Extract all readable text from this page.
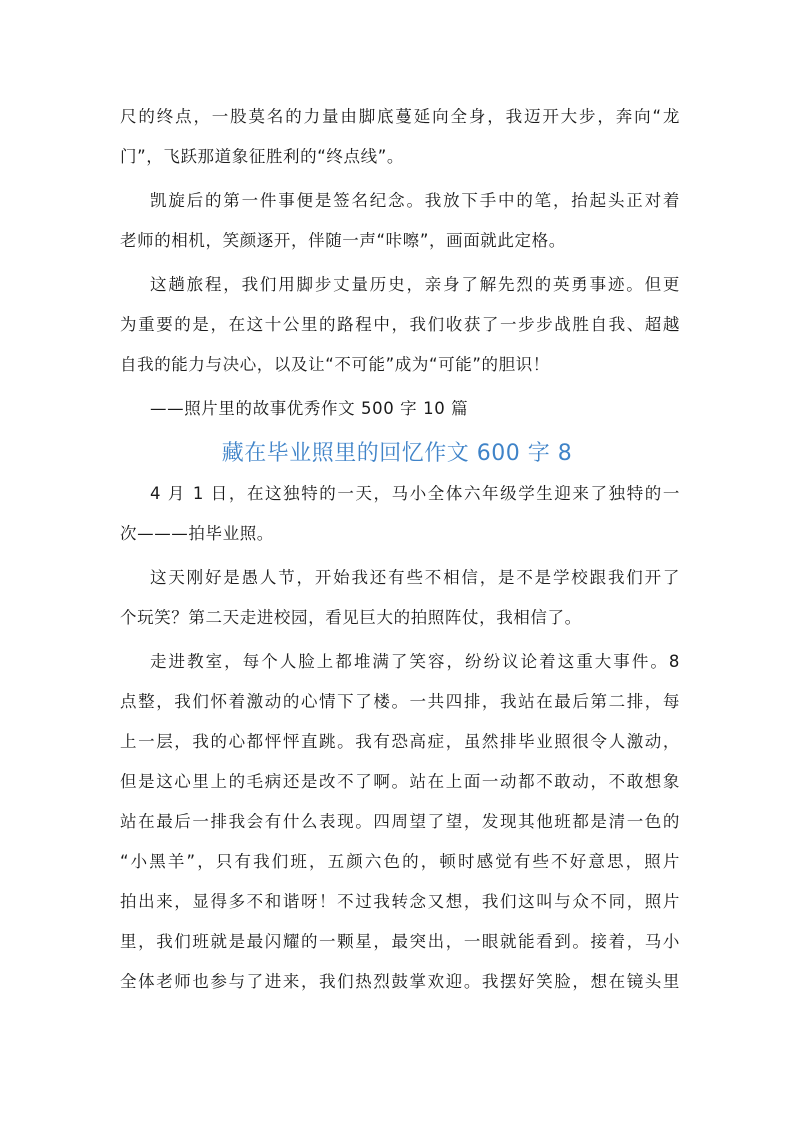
尺的终点，一股莫名的力量由脚底蔓延向全身，我迈开大步，奔向“龙
门”，飞跃那道象征胜利的“终点线”。
凯旋后的第一件事便是签名纪念。我放下手中的笔，抬起头正对着
老师的相机，笑颜逐开，伴随一声“咔嚓”，画面就此定格。
这趟旅程，我们用脚步丈量历史，亲身了解先烈的英勇事迹。但更
为重要的是，在这十公里的路程中，我们收获了一步步战胜自我、超越
自我的能力与决心，以及让“不可能”成为“可能”的胆识！
——照片里的故事优秀作文 500 字 10 篇
藏在毕业照里的回忆作文 600 字 8
4 月 1 日，在这独特的一天，马小全体六年级学生迎来了独特的一
次———拍毕业照。
这天刚好是愚人节，开始我还有些不相信，是不是学校跟我们开了
个玩笑？第二天走进校园，看见巨大的拍照阵仗，我相信了。
走进教室，每个人脸上都堆满了笑容，纷纷议论着这重大事件。8
点整，我们怀着激动的心情下了楼。一共四排，我站在最后第二排，每
上一层，我的心都怦怦直跳。我有恐高症，虽然排毕业照很令人激动，
但是这心里上的毛病还是改不了啊。站在上面一动都不敢动，不敢想象
站在最后一排我会有什么表现。四周望了望，发现其他班都是清一色的
“小黑羊”，只有我们班，五颜六色的，顿时感觉有些不好意思，照片
拍出来，显得多不和谐呀！不过我转念又想，我们这叫与众不同，照片
里，我们班就是最闪耀的一颗星，最突出，一眼就能看到。接着，马小
全体老师也参与了进来，我们热烈鼓掌欢迎。我摆好笑脸，想在镜头里
